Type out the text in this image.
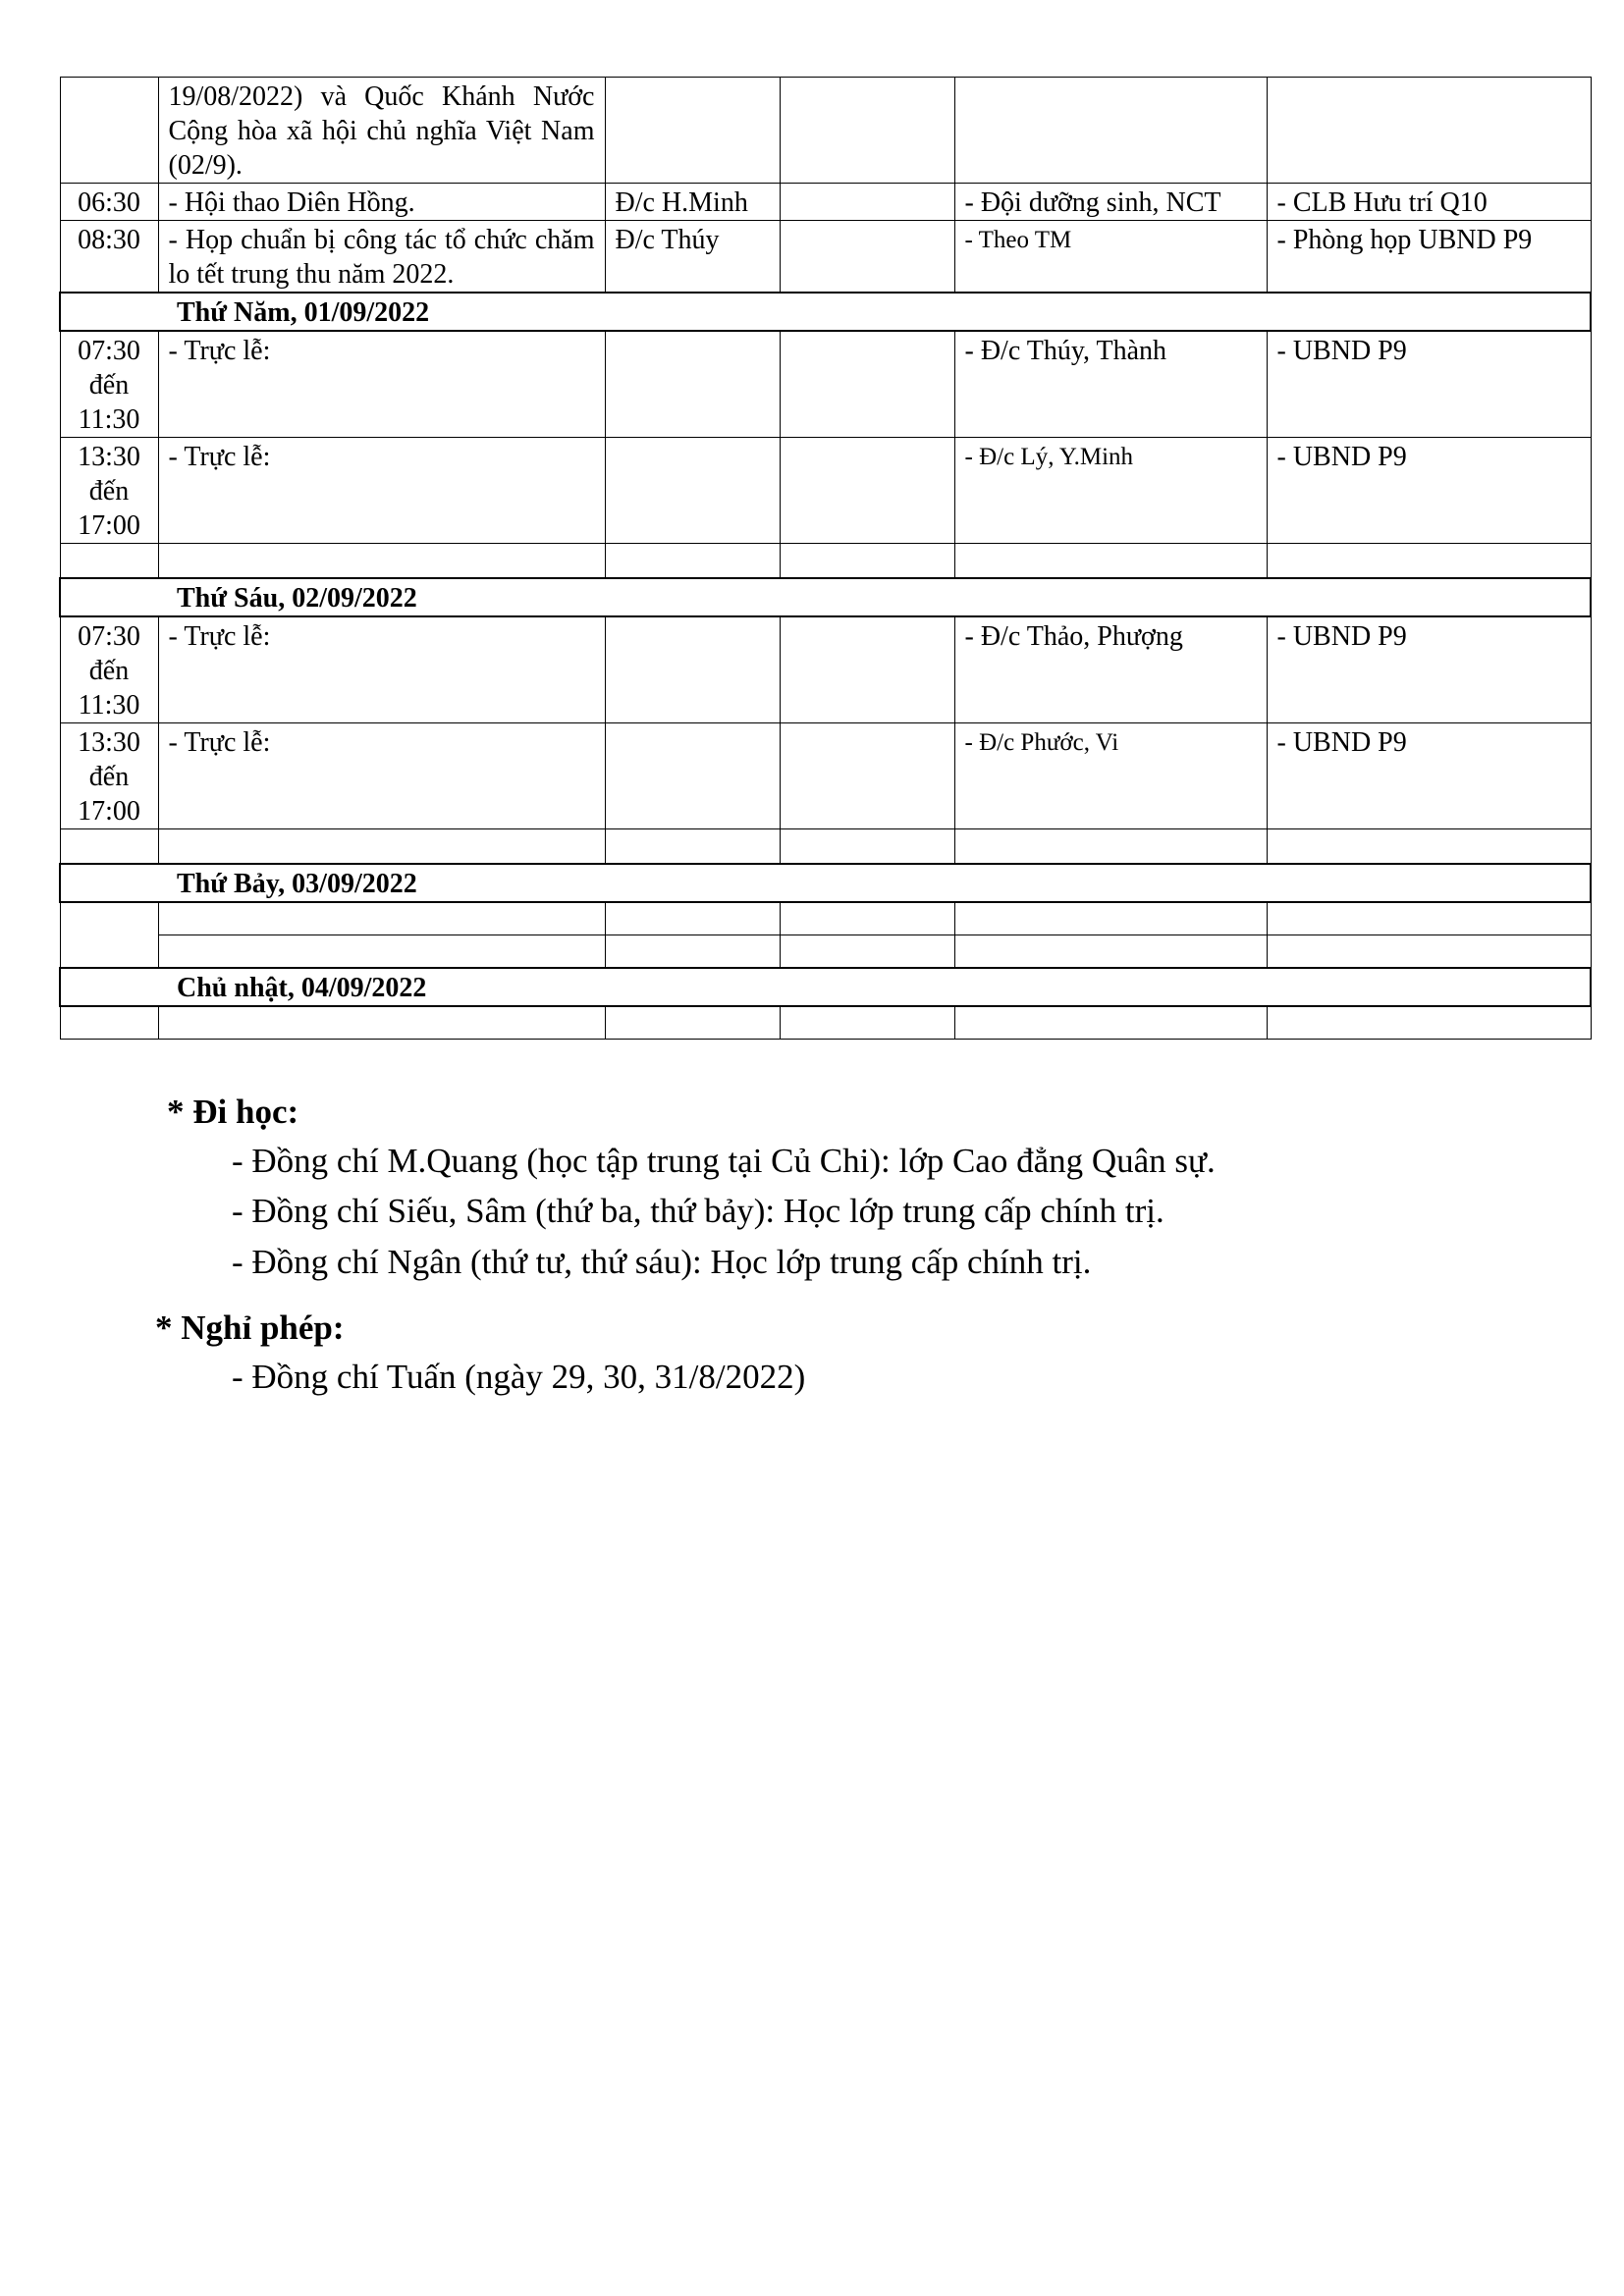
	19/08/2022) và Quốc Khánh Nước Cộng hòa xã hội chủ nghĩa Việt Nam (02/9).				
06:30	- Hội thao Diên Hồng.	Đ/c H.Minh		- Đội dưỡng sinh, NCT	- CLB Hưu trí Q10
08:30	- Họp chuẩn bị công tác tổ chức chăm lo tết trung thu năm 2022.	Đ/c Thúy		- Theo TM	- Phòng họp UBND P9
Thứ Năm, 01/09/2022					
07:30 đến 11:30	- Trực lễ:			- Đ/c Thúy, Thành	- UBND P9
13:30 đến 17:00	- Trực lễ:			- Đ/c Lý, Y.Minh	- UBND P9

Thứ Sáu, 02/09/2022					
07:30 đến 11:30	- Trực lễ:			- Đ/c Thảo, Phượng	- UBND P9
13:30 đến 17:00	- Trực lễ:			- Đ/c Phước, Vi	- UBND P9

Thứ Bảy, 03/09/2022					

Chủ nhật, 04/09/2022					

* Đi học:
- Đồng chí M.Quang (học tập trung tại Củ Chi): lớp Cao đẳng Quân sự.
- Đồng chí Siếu, Sâm (thứ ba, thứ bảy): Học lớp trung cấp chính trị.
- Đồng chí Ngân (thứ tư, thứ sáu): Học lớp trung cấp chính trị.
* Nghỉ phép:
- Đồng chí Tuấn (ngày 29, 30, 31/8/2022)
